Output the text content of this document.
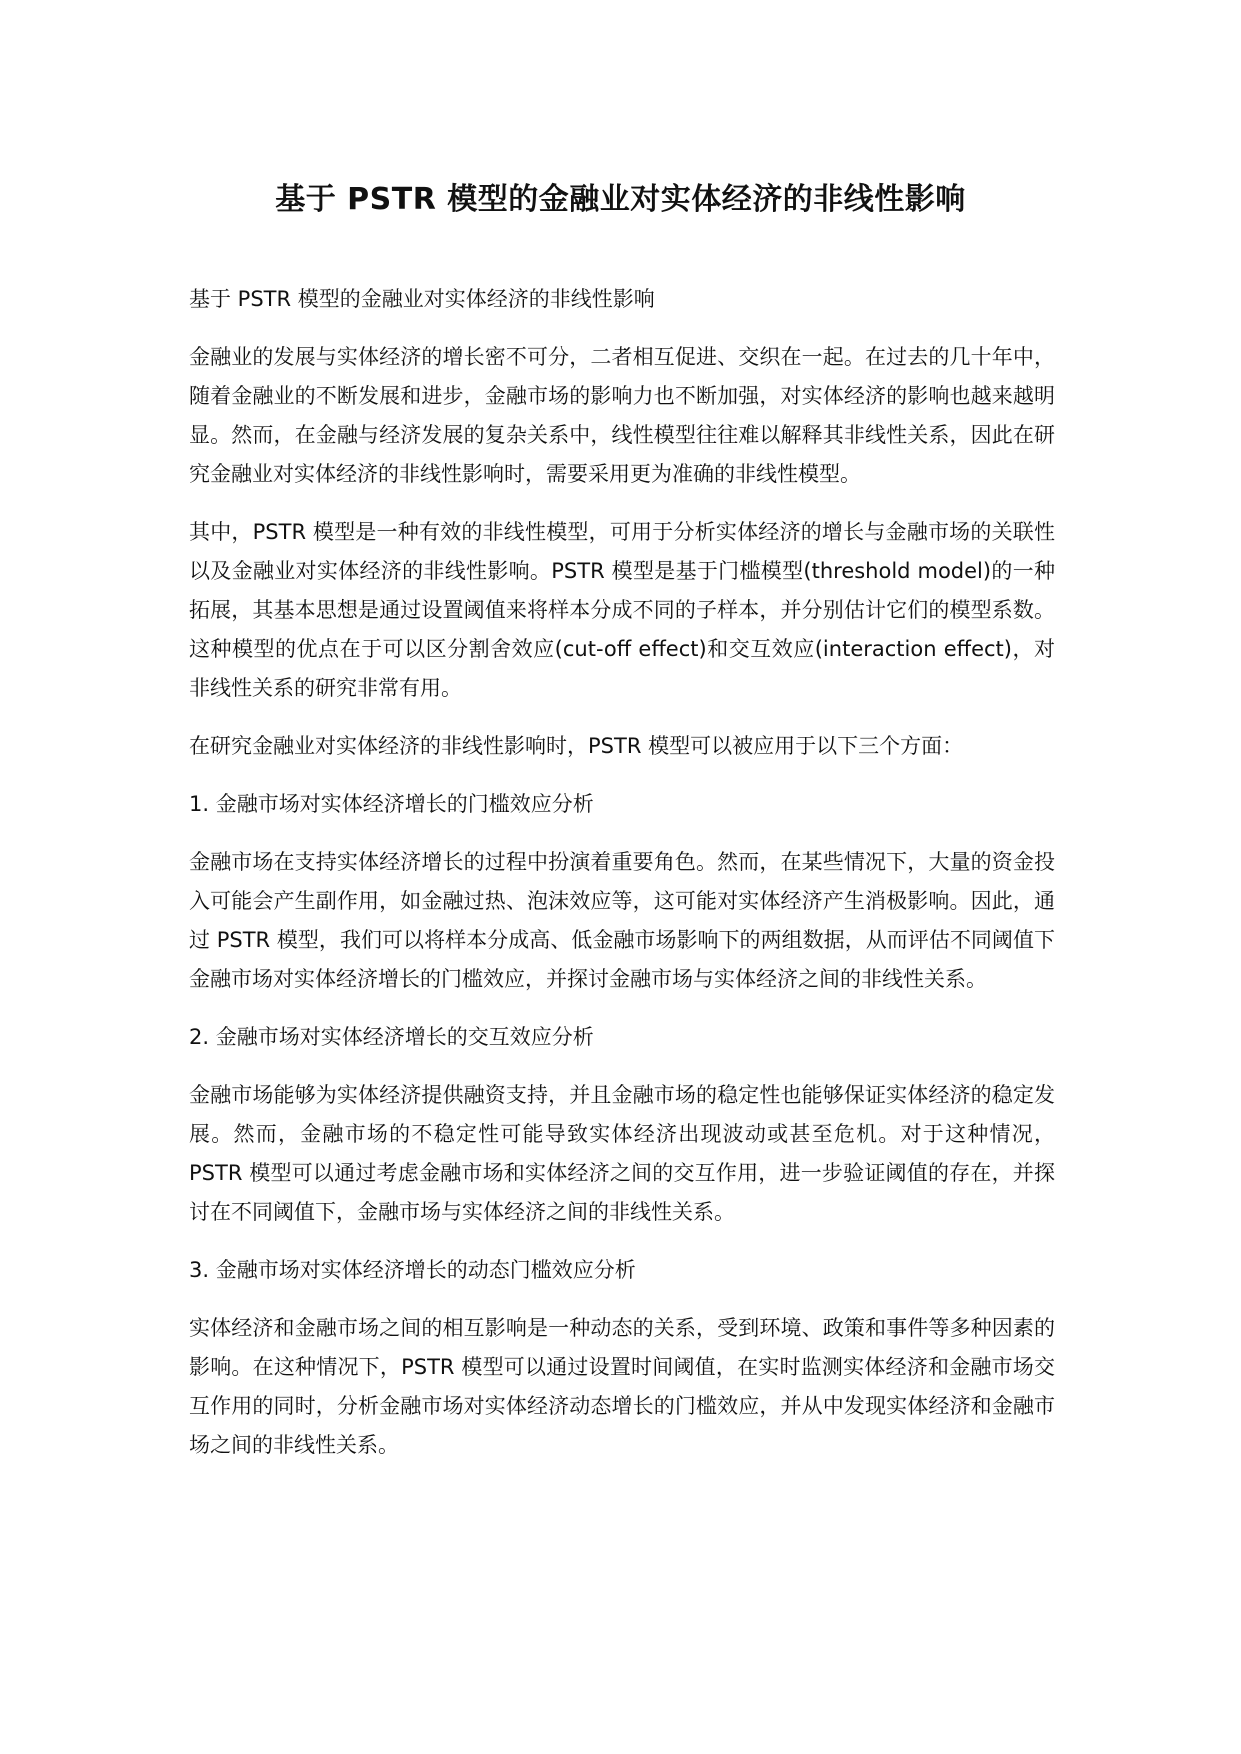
基于 PSTR 模型的金融业对实体经济的非线性影响

基于 PSTR 模型的金融业对实体经济的非线性影响

金融业的发展与实体经济的增长密不可分，二者相互促进、交织在一起。在过去的几十年中，随着金融业的不断发展和进步，金融市场的影响力也不断加强，对实体经济的影响也越来越明显。然而，在金融与经济发展的复杂关系中，线性模型往往难以解释其非线性关系，因此在研究金融业对实体经济的非线性影响时，需要采用更为准确的非线性模型。

其中，PSTR 模型是一种有效的非线性模型，可用于分析实体经济的增长与金融市场的关联性以及金融业对实体经济的非线性影响。PSTR 模型是基于门槛模型(threshold model)的一种拓展，其基本思想是通过设置阈值来将样本分成不同的子样本，并分别估计它们的模型系数。这种模型的优点在于可以区分割舍效应(cut-off effect)和交互效应(interaction effect)，对非线性关系的研究非常有用。

在研究金融业对实体经济的非线性影响时，PSTR 模型可以被应用于以下三个方面：

1. 金融市场对实体经济增长的门槛效应分析

金融市场在支持实体经济增长的过程中扮演着重要角色。然而，在某些情况下，大量的资金投入可能会产生副作用，如金融过热、泡沫效应等，这可能对实体经济产生消极影响。因此，通过 PSTR 模型，我们可以将样本分成高、低金融市场影响下的两组数据，从而评估不同阈值下金融市场对实体经济增长的门槛效应，并探讨金融市场与实体经济之间的非线性关系。

2. 金融市场对实体经济增长的交互效应分析

金融市场能够为实体经济提供融资支持，并且金融市场的稳定性也能够保证实体经济的稳定发展。然而，金融市场的不稳定性可能导致实体经济出现波动或甚至危机。对于这种情况，PSTR 模型可以通过考虑金融市场和实体经济之间的交互作用，进一步验证阈值的存在，并探讨在不同阈值下，金融市场与实体经济之间的非线性关系。

3. 金融市场对实体经济增长的动态门槛效应分析

实体经济和金融市场之间的相互影响是一种动态的关系，受到环境、政策和事件等多种因素的影响。在这种情况下，PSTR 模型可以通过设置时间阈值，在实时监测实体经济和金融市场交互作用的同时，分析金融市场对实体经济动态增长的门槛效应，并从中发现实体经济和金融市场之间的非线性关系。
